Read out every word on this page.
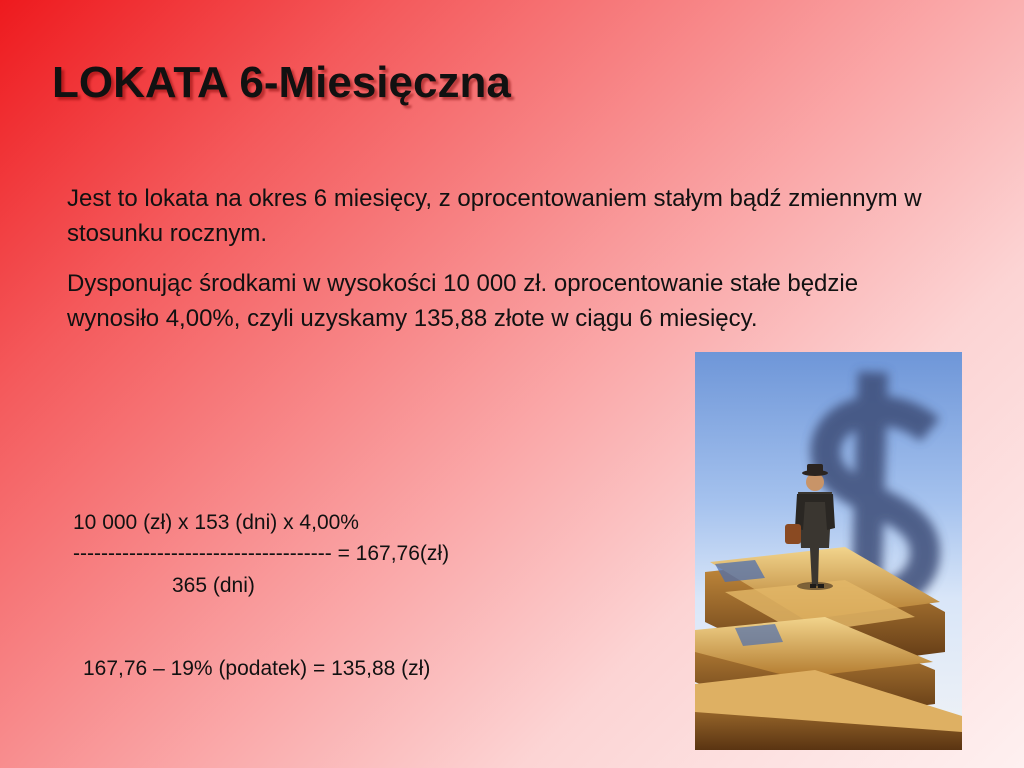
LOKATA 6-Miesięczna

Jest to lokata na okres 6 miesięcy, z oprocentowaniem stałym bądź zmiennym w stosunku rocznym.

Dysponując środkami w wysokości 10 000 zł. oprocentowanie stałe będzie wynosiło 4,00%, czyli uzyskamy 135,88 złote w ciągu 6 miesięcy.

10 000 (zł) x 153 (dni) x 4,00%

------------------------------------- = 167,76(zł)

365 (dni)

167,76 – 19% (podatek) = 135,88 (zł)
